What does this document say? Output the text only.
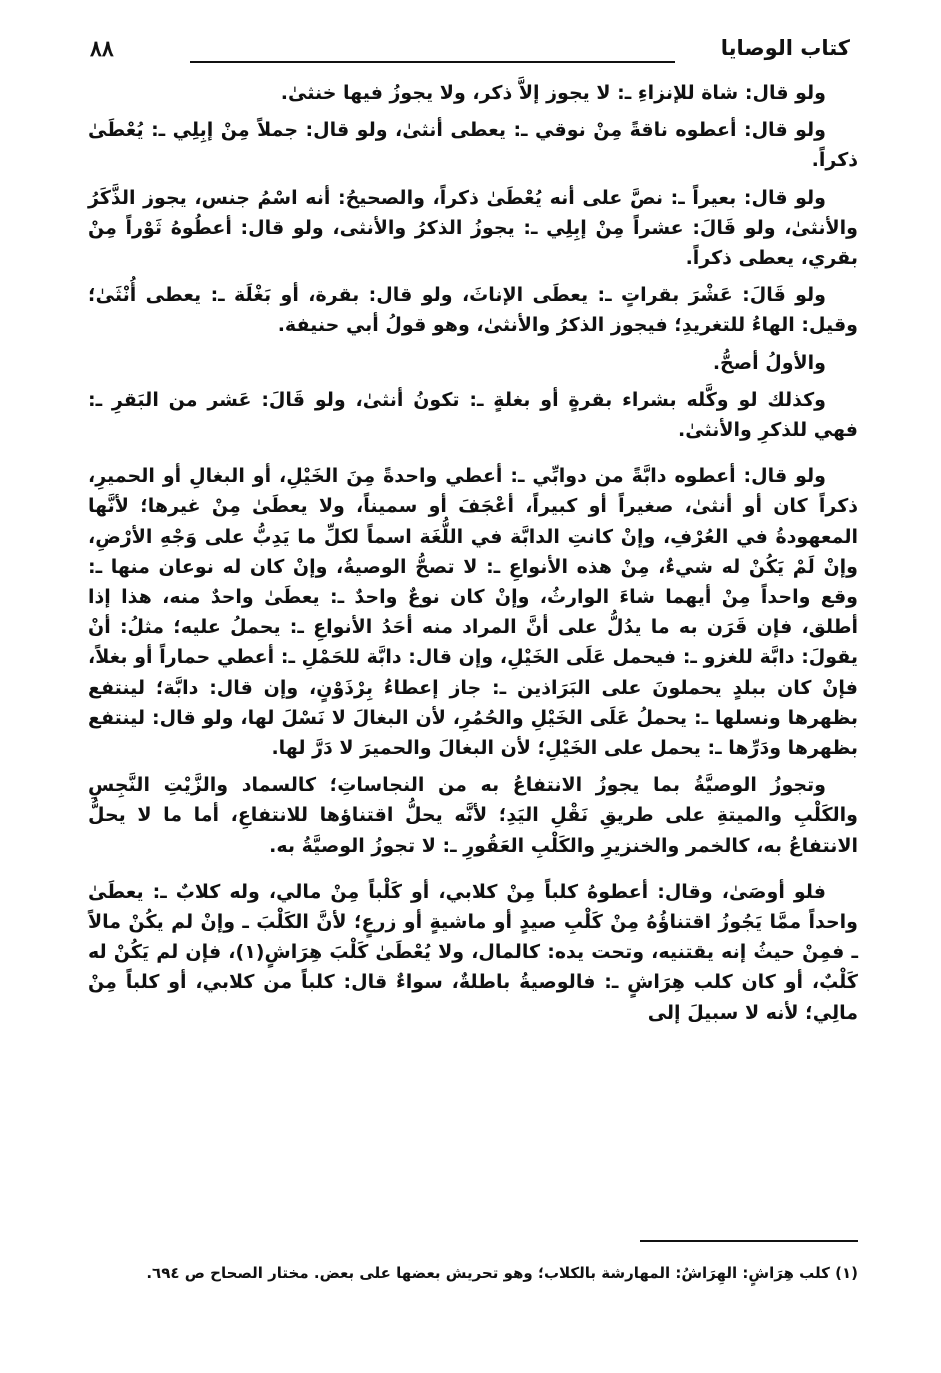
٨٨	كتاب الوصايا

ولو قال: شاة للإنزاءِ ـ: لا يجوز إلاَّ ذكر، ولا يجوزُ فيها خنثىٰ.

ولو قال: أعطوه ناقةً مِنْ نوقي ـ: يعطى أنثىٰ، ولو قال: جملاً مِنْ إبِلِي ـ: يُعْطَىٰ ذكراً.

ولو قال: بعيراً ـ: نصَّ على أنه يُعْطَىٰ ذكراً، والصحيحُ: أنه اسْمُ جنس، يجوز الذَّكَرُ والأنثىٰ، ولو قَالَ: عشراً مِنْ إبِلِي ـ: يجوزُ الذكرُ والأنثى، ولو قال: أعطُوهُ ثَوْراً مِنْ بقري، يعطى ذكراً.

ولو قَالَ: عَشْرَ بقراتٍ ـ: يعطَى الإناثَ، ولو قال: بقرة، أو بَغْلَة ـ: يعطى أُنْثَىٰ؛ وقيل: الهاءُ للتغريدِ؛ فيجوز الذكرُ والأنثىٰ، وهو قولُ أبي حنيفة.

والأولُ أصحُّ.

وكذلك لو وكَّله بشراء بقرةٍ أو بغلةٍ ـ: تكونُ أنثىٰ، ولو قَالَ: عَشر من البَقرِ ـ: فهي للذكرِ والأنثىٰ.

ولو قال: أعطوه دابَّةً من دوابِّي ـ: أعطي واحدةً مِنَ الخَيْلِ، أو البغالِ أو الحميرِ، ذكراً كان أو أنثىٰ، صغيراً أو كبيراً، أعْجَفَ أو سميناً، ولا يعطَىٰ مِنْ غيرها؛ لأنَّها المعهودةُ في العُرْفِ، وإنْ كانتِ الدابَّة في اللُّغَة اسماً لكلِّ ما يَدِبُّ على وَجْهِ الأرْضِ، وإنْ لَمْ يَكُنْ له شيءٌ، مِنْ هذه الأنواعِ ـ: لا تصحُّ الوصيةُ، وإنْ كان له نوعان منها ـ: وقع واحداً مِنْ أيهما شاءَ الوارثُ، وإنْ كان نوعٌ واحدٌ ـ: يعطَىٰ واحدٌ منه، هذا إذا أطلق، فإن قَرَن به ما يدُلُّ على أنَّ المراد منه أحَدُ الأنواعِ ـ: يحملُ عليه؛ مثلُ: أنْ يقولَ: دابَّة للغزو ـ: فيحمل عَلَى الخَيْلِ، وإن قال: دابَّة للحَمْلِ ـ: أعطي حماراً أو بغلاً، فإنْ كان ببلدٍ يحملونَ على البَرَاذين ـ: جاز إعطاءُ بِرْذَوْنٍ، وإن قال: دابَّة؛ لينتفع بظهرها ونسلها ـ: يحملُ عَلَى الخَيْلِ والحُمُرِ، لأن البغالَ لا نَسْلَ لها، ولو قال: لينتفع بظهرها ودَرِّها ـ: يحمل على الخَيْلِ؛ لأن البغالَ والحميرَ لا دَرَّ لها.

وتجوزُ الوصيَّةُ بما يجوزُ الانتفاعُ به من النجاساتِ؛ كالسماد والزَّيْتِ النَّجِسِ والكَلْبِ والميتةِ على طريقِ نَقْلِ اليَدِ؛ لأنَّه يحلُّ اقتناؤها للانتفاعِ، أما ما لا يحلُّ الانتفاعُ به، كالخمر والخنزيرِ والكَلْبِ العَقُورِ ـ: لا تجوزُ الوصيَّةُ به.

فلو أوصَىٰ، وقال: أعطوهُ كلباً مِنْ كلابي، أو كَلْباً مِنْ مالي، وله كلابٌ ـ: يعطَىٰ واحداً ممَّا يَجُوزُ اقتناؤُهُ مِنْ كَلْبِ صيدٍ أو ماشيةٍ أو زرعٍ؛ لأنَّ الكَلْبَ ـ وإنْ لم يكُنْ مالاً ـ فمِنْ حيثُ إنه يقتنيه، وتحت يده: كالمال، ولا يُعْطَىٰ كَلْبَ هِرَاشٍ(١)، فإن لم يَكُنْ له كَلْبٌ، أو كان كلب هِرَاشٍ ـ: فالوصيةُ باطلةٌ، سواءٌ قال: كلباً من كلابي، أو كلباً مِنْ مالِي؛ لأنه لا سبيلَ إلى

(١) كلب هِرَاشٍ: الهِرَاشُ: المهارشة بالكلاب؛ وهو تحريش بعضها على بعض. مختار الصحاح ص ٦٩٤.
